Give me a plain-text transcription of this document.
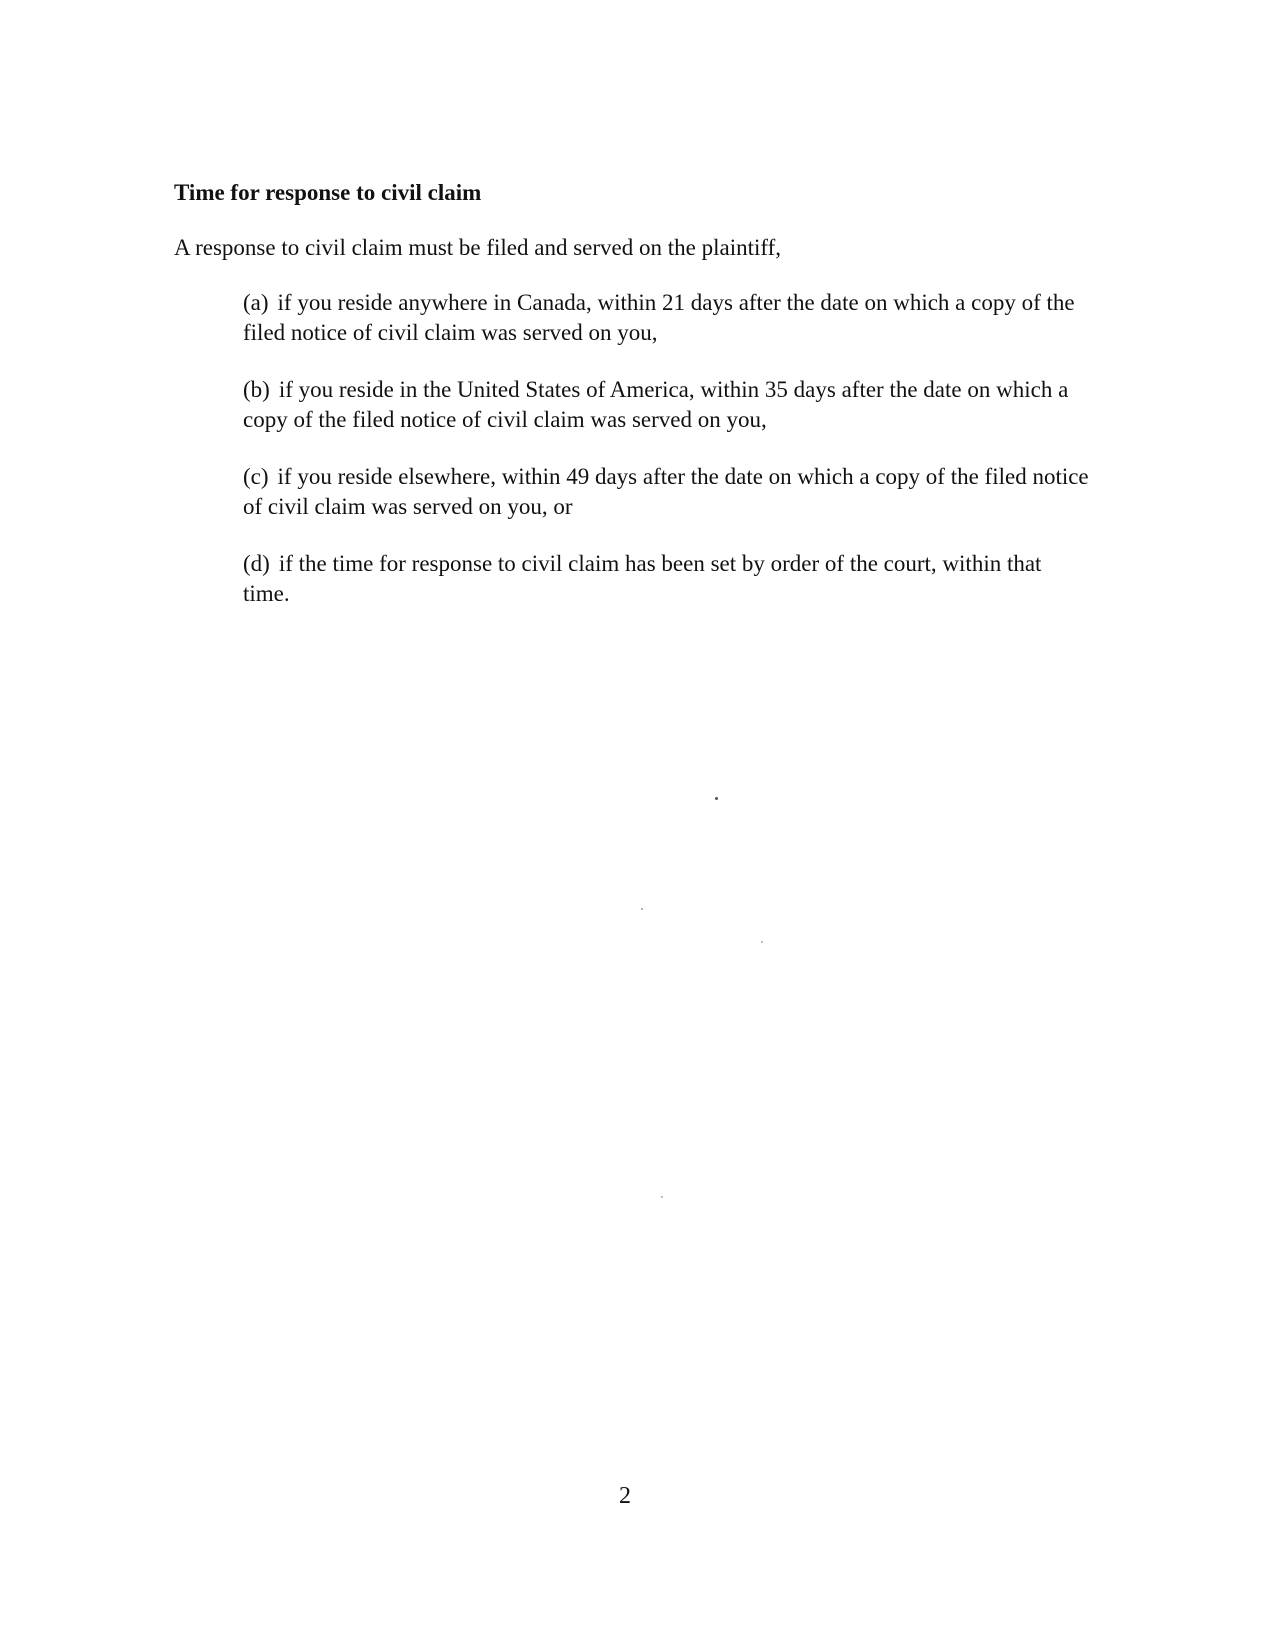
Time for response to civil claim
A response to civil claim must be filed and served on the plaintiff,

(a) if you reside anywhere in Canada, within 21 days after the date on which a copy of the filed notice of civil claim was served on you,

(b) if you reside in the United States of America, within 35 days after the date on which a copy of the filed notice of civil claim was served on you,

(c) if you reside elsewhere, within 49 days after the date on which a copy of the filed notice of civil claim was served on you, or

(d) if the time for response to civil claim has been set by order of the court, within that time.

2
